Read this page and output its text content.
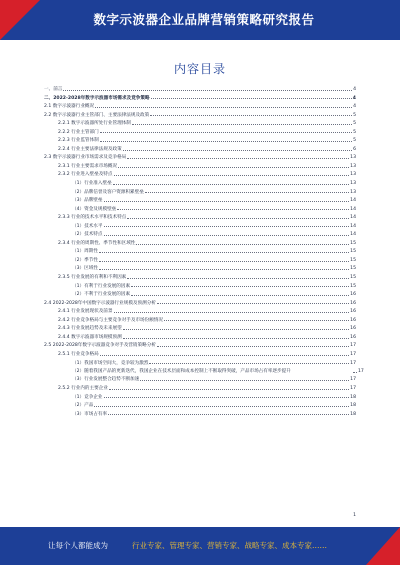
数字示波器企业品牌营销策略研究报告
内容目录
一、前言	4
二、2022-2028年数字示波器市场需求及竞争策略	4
2.1 数字示波器行业概况	4
2.2 数字示波器行业主管部门、主要法律法规及政策	5
2.2.1 数字示波器所处行业管理体制	5
2.2.2 行业主管部门	5
2.2.3 行业监管体制	5
2.2.4 行业主要法律法规及政策	6
2.3 数字示波器行业市场需求及竞争格局	13
2.3.1 行业主要需求市场概况	13
2.3.2 行业进入壁垒及特点	13
（1）行业准入壁垒	13
（2）品牌信誉及客户资源积累壁垒	13
（3）品牌壁垒	14
（4）资金及规模壁垒	14
2.3.3 行业的技术水平和技术特点	14
（1）技术水平	14
（2）技术特点	14
2.3.4 行业的周期性、季节性和区域性	15
（1）周期性	15
（2）季节性	15
（3）区域性	15
2.3.5 行业发展的有利和不利因素	15
（1）有利于行业发展的因素	15
（2）不利于行业发展的因素	16
2.4 2022-2028年中国数字示波器行业规模及预测分析	16
2.4.1 行业发展现状及前景	16
2.4.2 行业竞争格局与主要竞争对手及市场份额情况	16
2.4.3 行业发展趋势及未来展望	16
2.4.4 数字示波器市场规模预测	16
2.5 2022-2028年数字示波器竞争对手及营销策略分析	17
2.5.1 行业竞争格局	17
（1）我国市场空间大，竞争较为激烈	17
（2）随着我国产品的更新迭代，我国企业在技术层面和成本控制上不断取得突破，产品市场占有率逐步提升	17
（3）行业发展整合趋势不断加速	17
2.5.2 行业内的主要企业	17
（1）竞争企业	18
（2）产品	18
（3）市场占有率	18
1
让每个人都能成为	行业专家、管理专家、营销专家、战略专家、成本专家……
